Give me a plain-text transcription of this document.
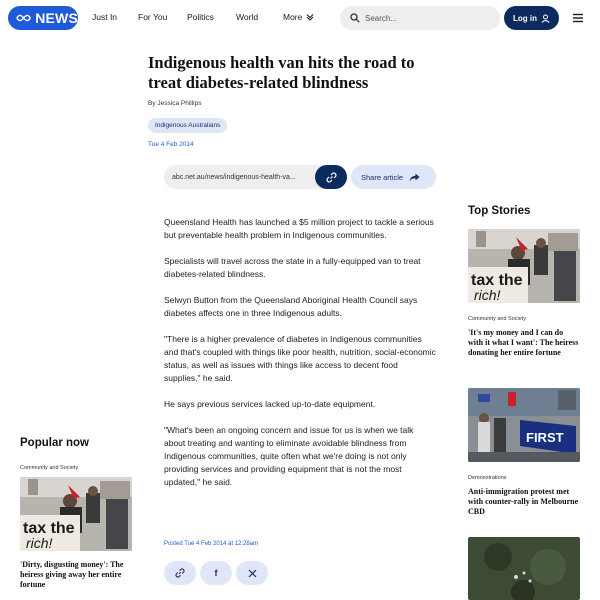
NEWS Just In For You Politics	World	More
Search...	Log in
Indigenous health van hits the road to treat diabetes-related blindness
By Jessica Phillips
Indigenous Australians
Tue 4 Feb 2014
abc.net.au/news/indigenous-health-va...	Share article

Queensland Health has launched a $5 million project to tackle a serious but preventable health problem in Indigenous communities.

Specialists will travel across the state in a fully-equipped van to treat diabetes-related blindness.

Selwyn Button from the Queensland Aboriginal Health Council says diabetes affects one in three Indigenous adults.

"There is a higher prevalence of diabetes in Indigenous communities and that's coupled with things like poor health, nutrition, social-economic status, as well as issues with things like access to decent food supplies," he said.

He says previous services lacked up-to-date equipment.

"What's been an ongoing concern and issue for us is when we talk about treating and wanting to eliminate avoidable blindness from Indigenous communities, quite often what we're doing is not only providing services and providing equipment that is not the most updated," he said.

Posted Tue 4 Feb 2014 at 12:28am
f
Popular now
Community and Society
tax the
rich!
'Dirty, disgusting money': The heiress giving away her entire fortune
Top Stories
tax the
rich!
Community and Society
'It's my money and I can do with it what I want': The heiress donating her entire fortune
FIRST
Demonstrations
Anti-immigration protest met with counter-rally in Melbourne CBD
